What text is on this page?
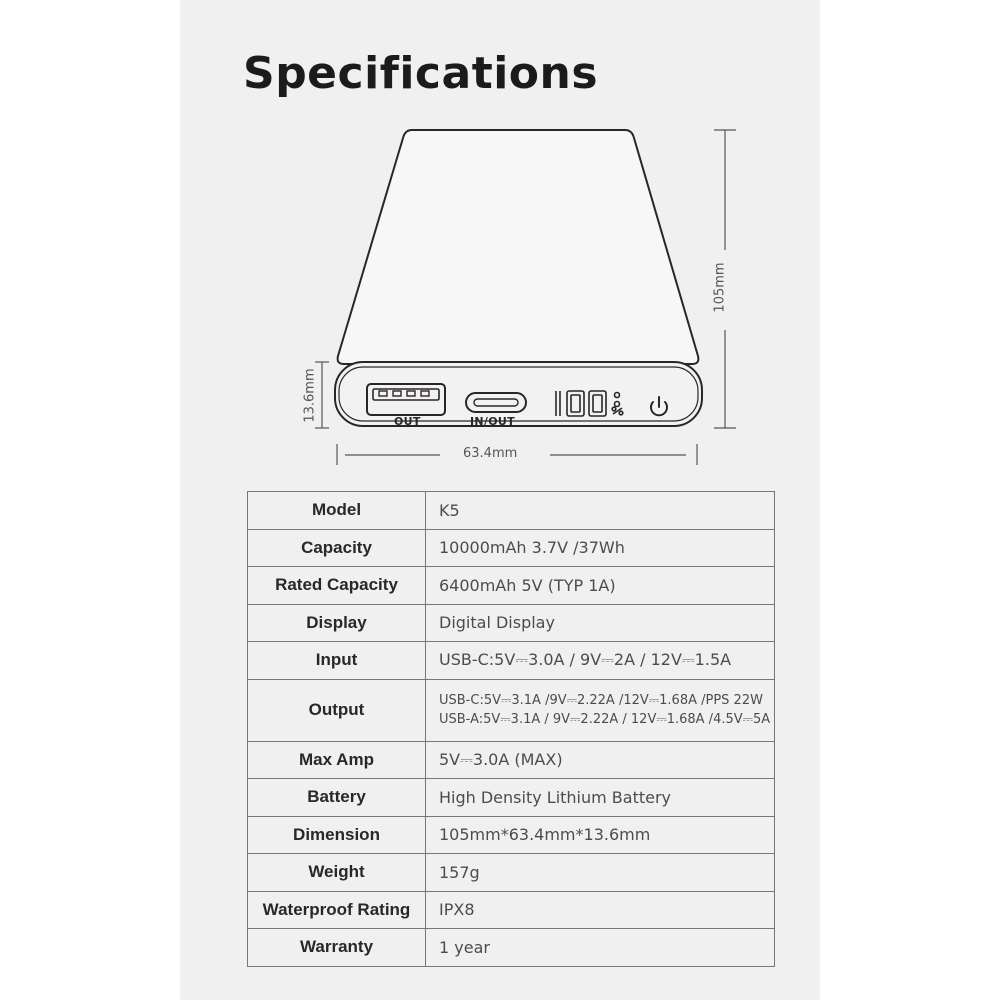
Specifications
OUT	IN/OUT
63.4mm
105mm
13.6mm
Model	K5

Capacity	10000mAh 3.7V /37Wh

Rated Capacity	6400mAh 5V (TYP 1A)

Display	Digital Display

Input	USB-C:5V⎓3.0A / 9V⎓2A / 12V⎓1.5A

Output	USB-C:5V⎓3.1A /9V⎓2.22A /12V⎓1.68A /PPS 22W
USB-A:5V⎓3.1A / 9V⎓2.22A / 12V⎓1.68A /4.5V⎓5A

Max Amp	5V⎓3.0A (MAX)

Battery	High Density Lithium Battery

Dimension	105mm*63.4mm*13.6mm

Weight	157g

Waterproof Rating	IPX8

Warranty	1 year
